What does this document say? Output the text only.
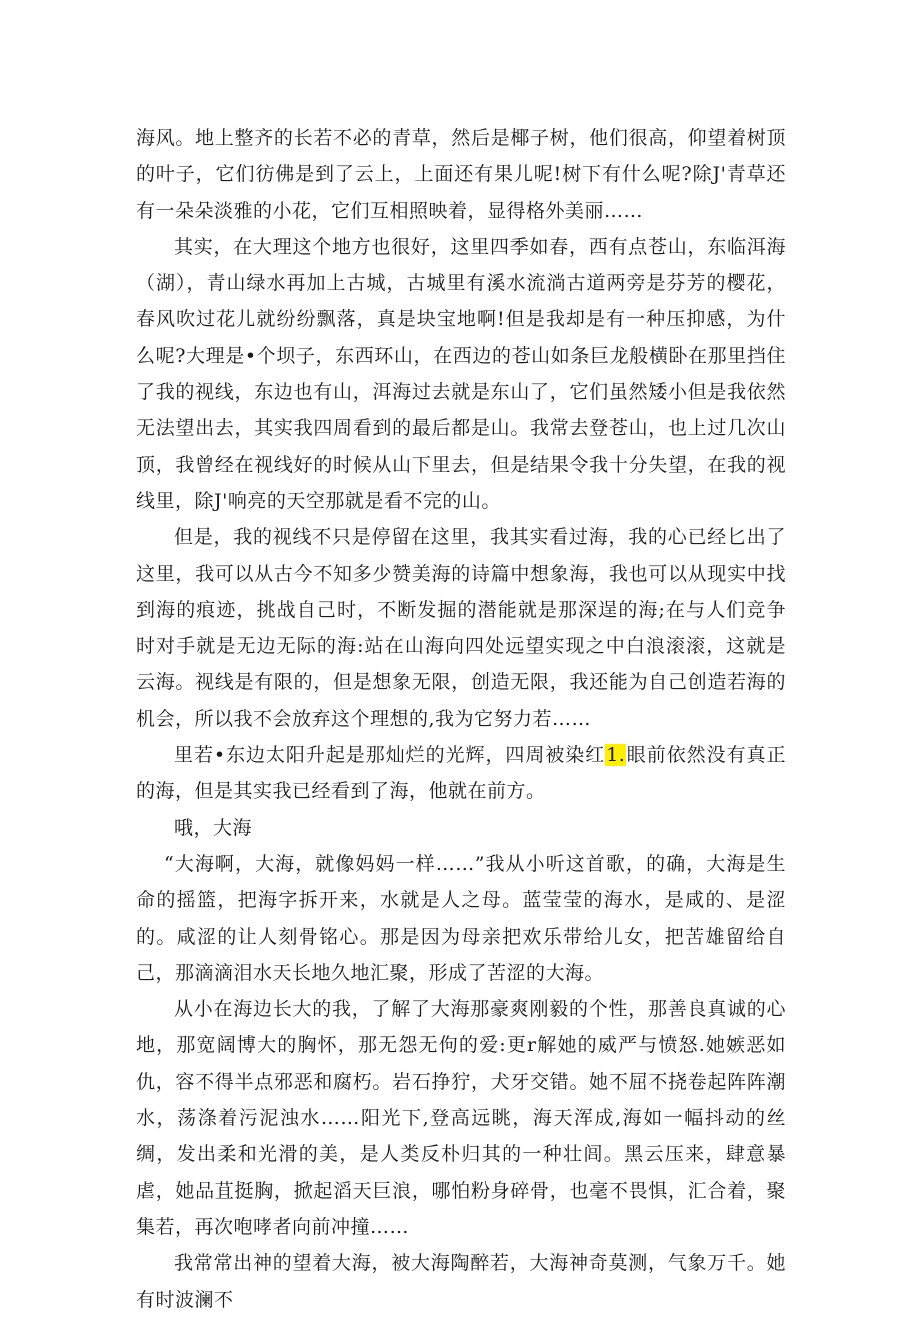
海风。地上整齐的长若不必的青草，然后是椰子树，他们很高，仰望着树顶的叶子，它们彷佛是到了云上，上面还有果儿呢!树下有什么呢?除J'青草还有一朵朵淡雅的小花，它们互相照映着，显得格外美丽……

其实，在大理这个地方也很好，这里四季如春，西有点苍山，东临洱海（湖），青山绿水再加上古城，古城里有溪水流淌古道两旁是芬芳的樱花，春风吹过花儿就纷纷飘落，真是块宝地啊!但是我却是有一种压抑感，为什么呢?大理是•个坝子，东西环山，在西边的苍山如条巨龙般横卧在那里挡住了我的视线，东边也有山，洱海过去就是东山了，它们虽然矮小但是我依然无法望出去，其实我四周看到的最后都是山。我常去登苍山，也上过几次山顶，我曾经在视线好的时候从山下里去，但是结果令我十分失望，在我的视线里，除J'响亮的天空那就是看不完的山。

但是，我的视线不只是停留在这里，我其实看过海，我的心已经匕出了这里，我可以从古今不知多少赞美海的诗篇中想象海，我也可以从现实中找到海的痕迹，挑战自己时，不断发掘的潜能就是那深逞的海;在与人们竞争时对手就是无边无际的海:站在山海向四处远望实现之中白浪滚滚，这就是云海。视线是有限的，但是想象无限，创造无限，我还能为自己创造若海的机会，所以我不会放弃这个理想的,我为它努力若……

里若•东边太阳升起是那灿烂的光辉，四周被染红1.眼前依然没有真正的海，但是其实我已经看到了海，他就在前方。

哦，大海

“大海啊，大海，就像妈妈一样……”我从小听这首歌，的确，大海是生命的摇篮，把海字拆开来，水就是人之母。蓝莹莹的海水，是咸的、是涩的。咸涩的让人刻骨铭心。那是因为母亲把欢乐带给儿女，把苦雄留给自己，那滴滴泪水天长地久地汇聚，形成了苦涩的大海。

从小在海边长大的我，了解了大海那豪爽刚毅的个性，那善良真诚的心地，那宽阔博大的胸怀，那无怨无佝的爱:更r解她的威严与愤怒.她嫉恶如仇，容不得半点邪恶和腐朽。岩石挣狞，犬牙交错。她不屈不挠卷起阵阵潮水，荡涤着污泥浊水……阳光下,登高远眺，海天浑成,海如一幅抖动的丝绸，发出柔和光滑的美，是人类反朴归其的一种壮闾。黑云压来，肆意暴虐，她品苴挺胸，掀起滔天巨浪，哪怕粉身碎骨，也毫不畏惧，汇合着，聚集若，再次咆哮者向前冲撞……

我常常出神的望着大海，被大海陶醉若，大海神奇莫测，气象万千。她有时波澜不
